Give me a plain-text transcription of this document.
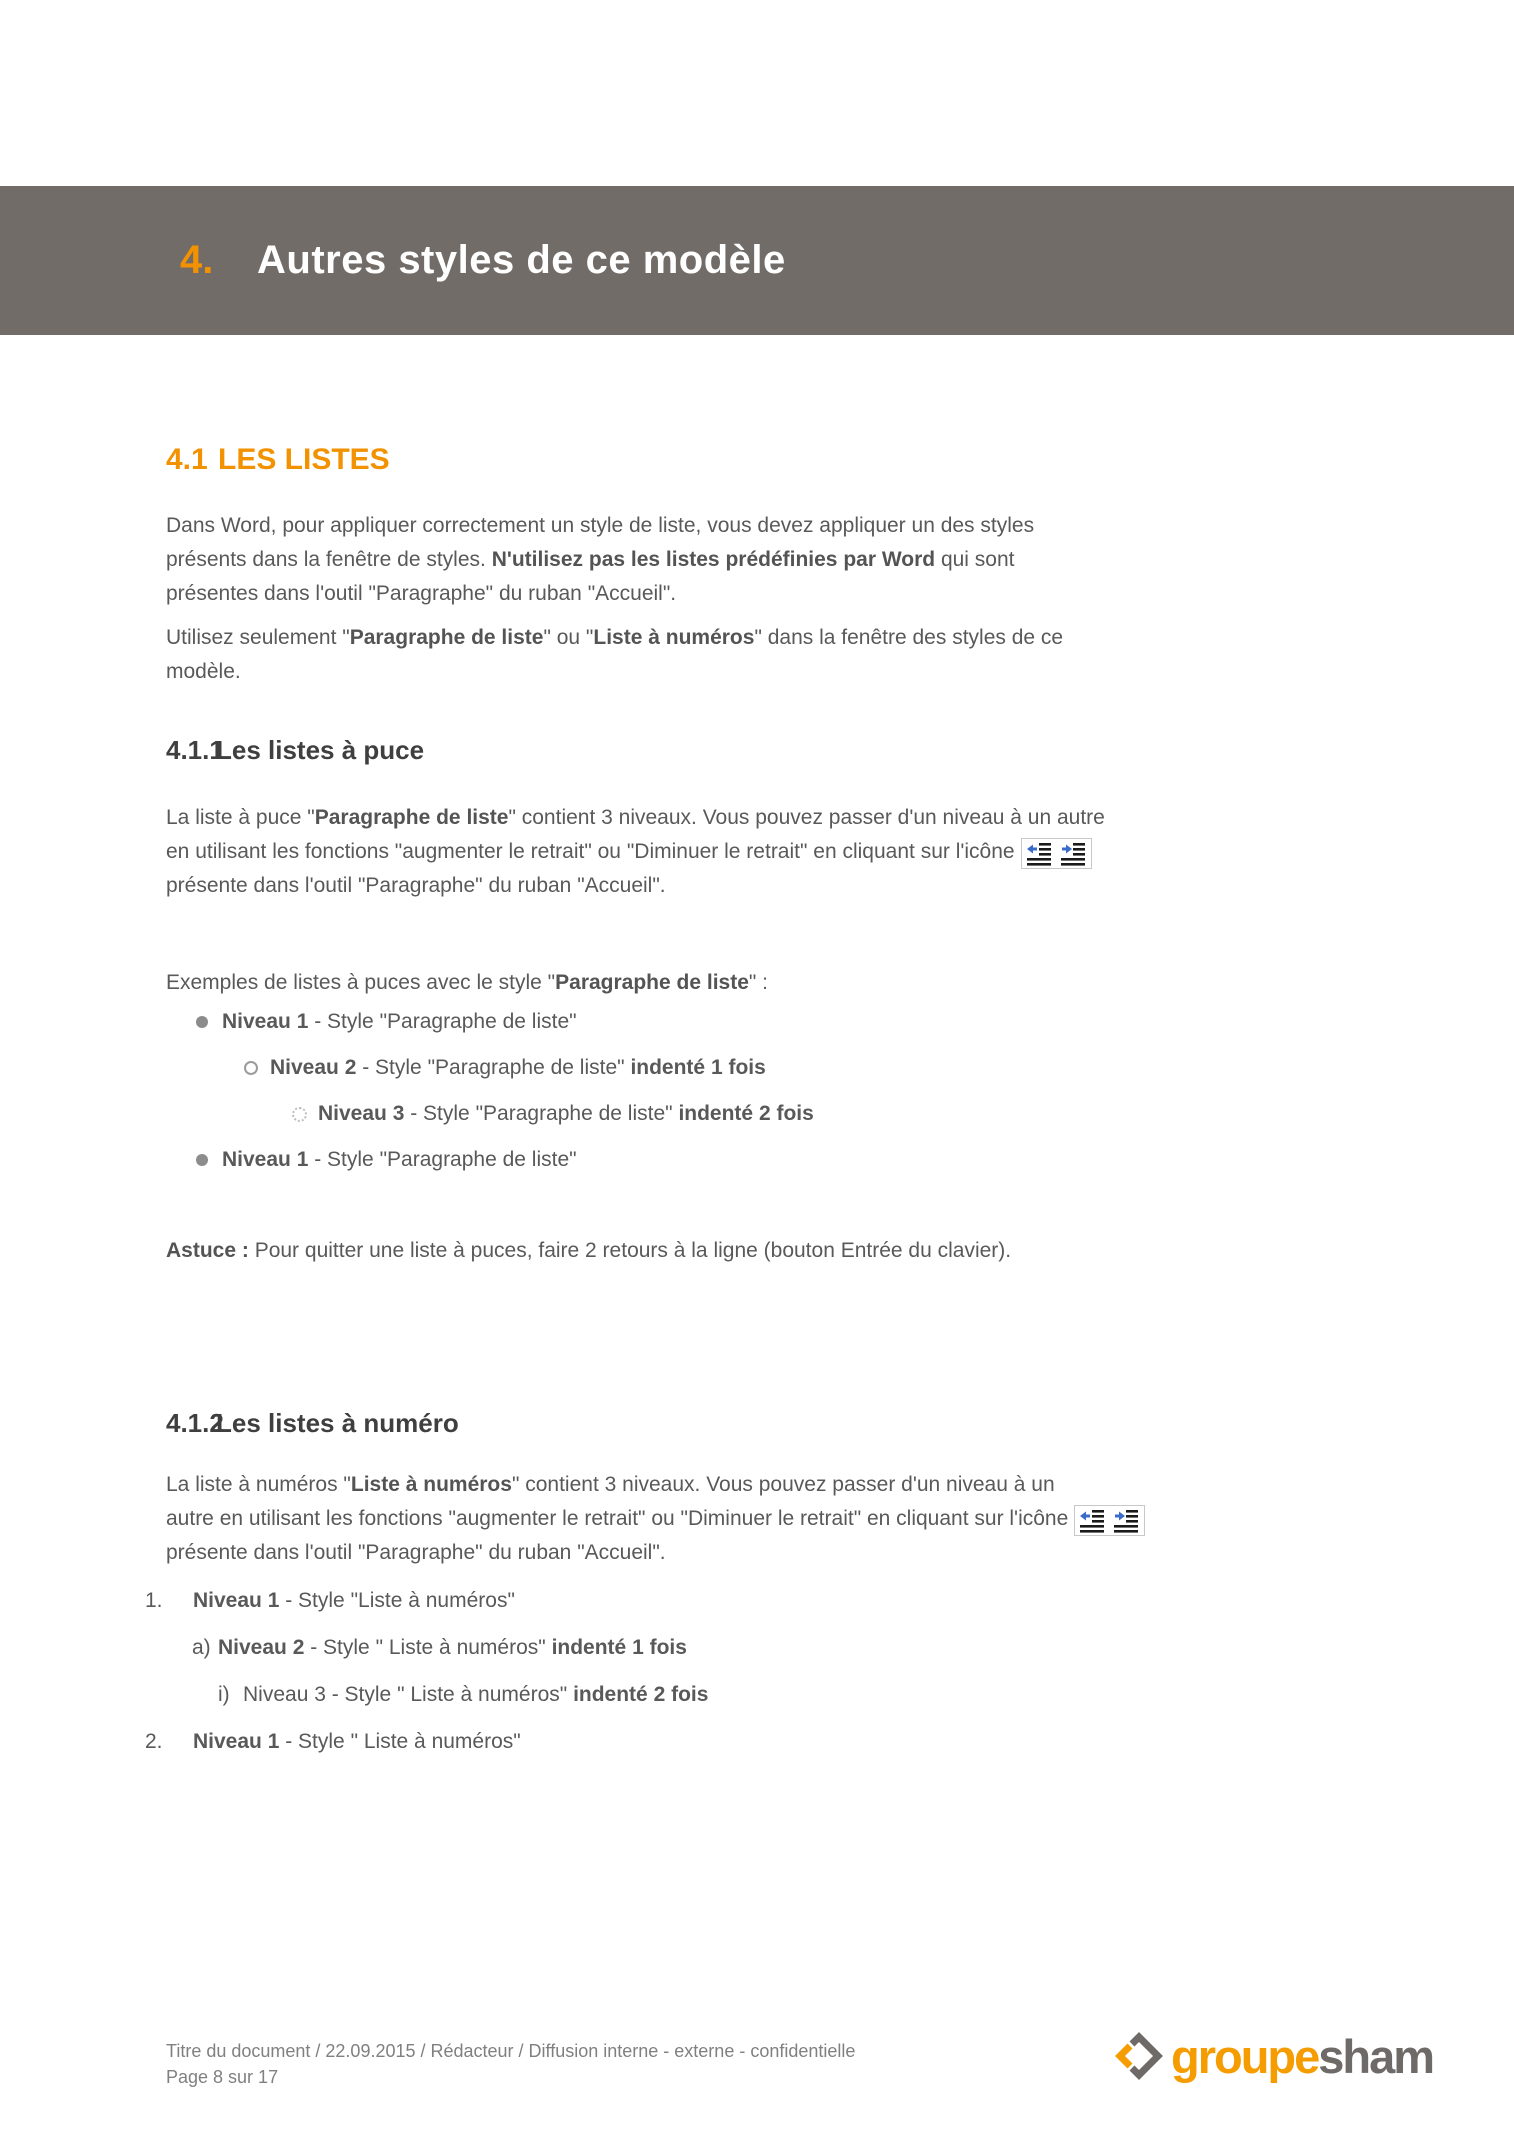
4.	Autres styles de ce modèle
4.1 LES LISTES
Dans Word, pour appliquer correctement un style de liste, vous devez appliquer un des styles
présents dans la fenêtre de styles. N'utilisez pas les listes prédéfinies par Word qui sont
présentes dans l'outil "Paragraphe" du ruban "Accueil".
Utilisez seulement "Paragraphe de liste" ou "Liste à numéros" dans la fenêtre des styles de ce
modèle.
4.1.1
Les listes à puce
La liste à puce "Paragraphe de liste" contient 3 niveaux. Vous pouvez passer d'un niveau à un autre
en utilisant les fonctions "augmenter le retrait" ou "Diminuer le retrait" en cliquant sur l'icône

présente dans l'outil "Paragraphe" du ruban "Accueil".
Exemples de listes à puces avec le style "Paragraphe de liste" :
Niveau 1 - Style "Paragraphe de liste"
Niveau 2 - Style "Paragraphe de liste" indenté 1 fois
Niveau 3 - Style "Paragraphe de liste" indenté 2 fois
Niveau 1 - Style "Paragraphe de liste"
Astuce : Pour quitter une liste à puces, faire 2 retours à la ligne (bouton Entrée du clavier).
4.1.2
Les listes à numéro
La liste à numéros "Liste à numéros" contient 3 niveaux. Vous pouvez passer d'un niveau à un
autre en utilisant les fonctions "augmenter le retrait" ou "Diminuer le retrait" en cliquant sur l'icône

présente dans l'outil "Paragraphe" du ruban "Accueil".
1.	Niveau 1 - Style "Liste à numéros"
a) Niveau 2 - Style " Liste à numéros" indenté 1 fois
i) Niveau 3 - Style " Liste à numéros" indenté 2 fois
2.	Niveau 1 - Style " Liste à numéros"
Titre du document / 22.09.2015 / Rédacteur / Diffusion interne - externe - confidentielle
Page 8 sur 17	groupe sham
